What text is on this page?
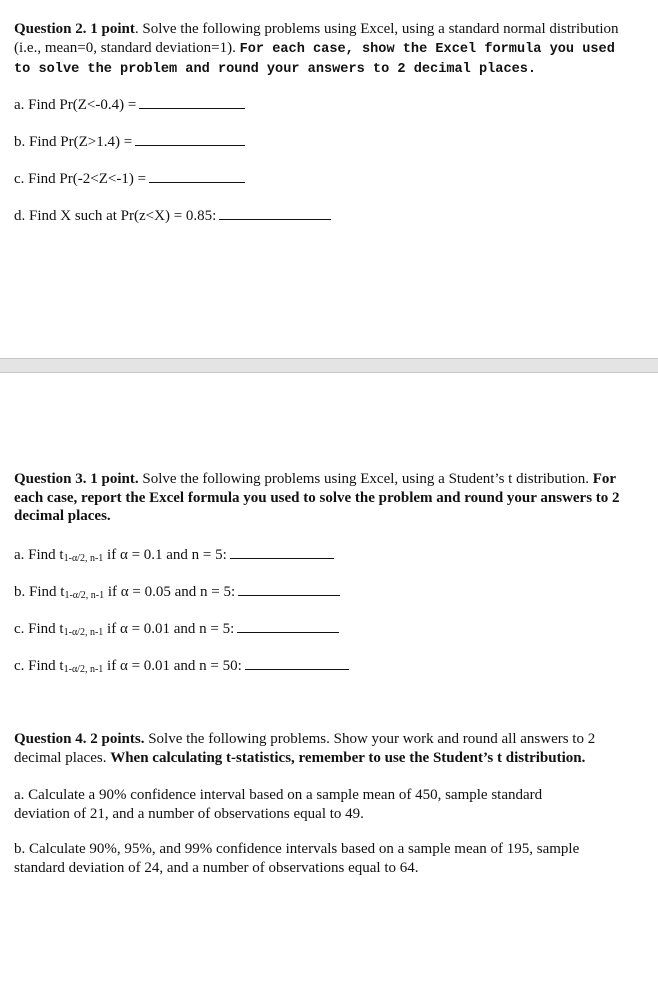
Question 2. 1 point. Solve the following problems using Excel, using a standard normal distribution (i.e., mean=0, standard deviation=1). For each case, show the Excel formula you used to solve the problem and round your answers to 2 decimal places.
a. Find Pr(Z<-0.4) =
b. Find Pr(Z>1.4) =
c. Find Pr(-2<Z<-1) =
d. Find X such at Pr(z<X) = 0.85:
Question 3. 1 point. Solve the following problems using Excel, using a Student’s t distribution. For each case, report the Excel formula you used to solve the problem and round your answers to 2 decimal places.
a. Find t1-α/2, n-1 if α = 0.1 and n = 5:
b. Find t1-α/2, n-1 if α = 0.05 and n = 5:
c. Find t1-α/2, n-1 if α = 0.01 and n = 5:
c. Find t1-α/2, n-1 if α = 0.01 and n = 50:
Question 4. 2 points. Solve the following problems. Show your work and round all answers to 2 decimal places. When calculating t-statistics, remember to use the Student’s t distribution.
a. Calculate a 90% confidence interval based on a sample mean of 450, sample standard deviation of 21, and a number of observations equal to 49.
b. Calculate 90%, 95%, and 99% confidence intervals based on a sample mean of 195, sample standard deviation of 24, and a number of observations equal to 64.
